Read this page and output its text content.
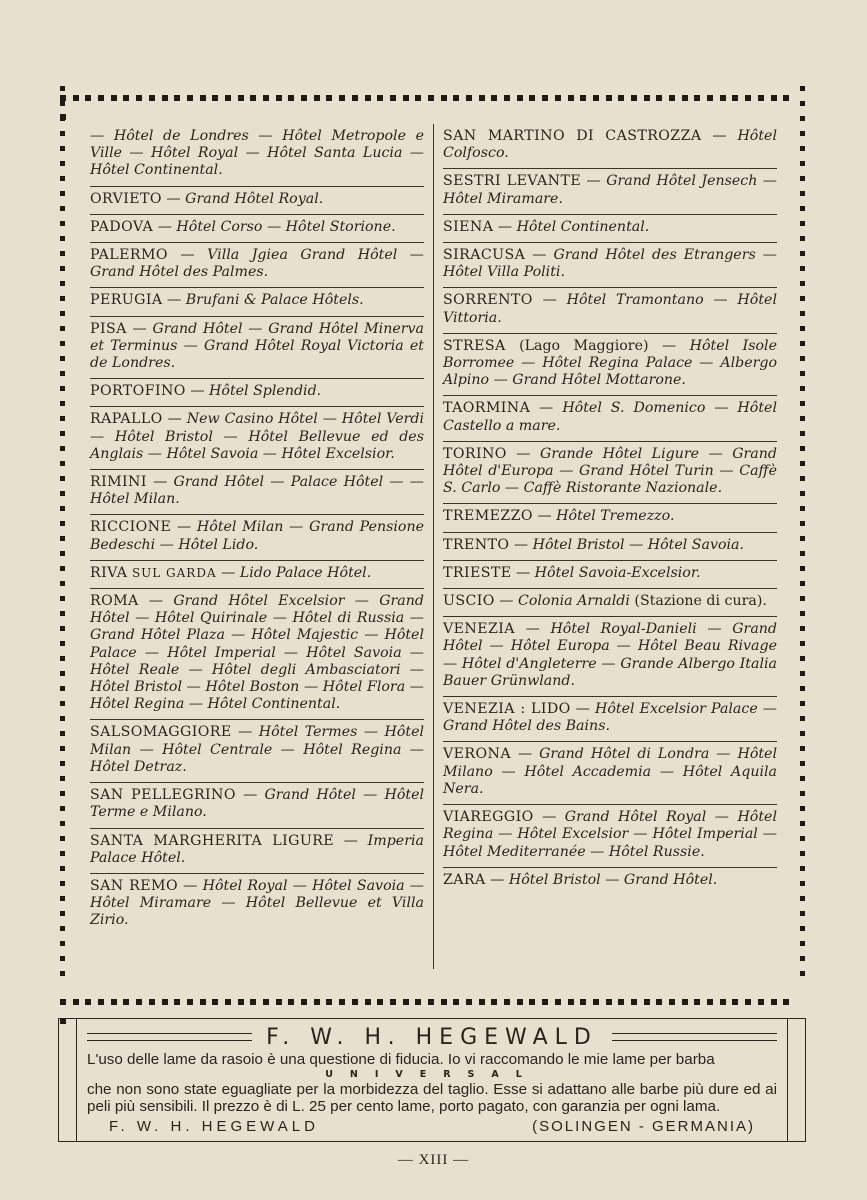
— Hôtel de Londres — Hôtel Metropole e Ville — Hôtel Royal — Hôtel Santa Lucia — Hôtel Continental.
ORVIETO — Grand Hôtel Royal.
PADOVA — Hôtel Corso — Hôtel Storione.
PALERMO — Villa Jgiea Grand Hôtel — Grand Hôtel des Palmes.
PERUGIA — Brufani & Palace Hôtels.
PISA — Grand Hôtel — Grand Hôtel Minerva et Terminus — Grand Hôtel Royal Victoria et de Londres.
PORTOFINO — Hôtel Splendid.
RAPALLO — New Casino Hôtel — Hôtel Verdi — Hôtel Bristol — Hôtel Bellevue ed des Anglais — Hôtel Savoia — Hôtel Excelsior.
RIMINI — Grand Hôtel — Palace Hôtel — — Hôtel Milan.
RICCIONE — Hôtel Milan — Grand Pensione Bedeschi — Hôtel Lido.
RIVA SUL GARDA — Lido Palace Hôtel.
ROMA — Grand Hôtel Excelsior — Grand Hôtel — Hôtel Quirinale — Hôtel di Russia — Grand Hôtel Plaza — Hôtel Majestic — Hôtel Palace — Hôtel Imperial — Hôtel Savoia — Hôtel Reale — Hôtel degli Ambasciatori — Hôtel Bristol — Hôtel Boston — Hôtel Flora — Hôtel Regina — Hôtel Continental.
SALSOMAGGIORE — Hôtel Termes — Hôtel Milan — Hôtel Centrale — Hôtel Regina — Hôtel Detraz.
SAN PELLEGRINO — Grand Hôtel — Hôtel Terme e Milano.
SANTA MARGHERITA LIGURE — Imperia Palace Hôtel.
SAN REMO — Hôtel Royal — Hôtel Savoia — Hôtel Miramare — Hôtel Bellevue et Villa Zirio.
SAN MARTINO DI CASTROZZA — Hôtel Colfosco.
SESTRI LEVANTE — Grand Hôtel Jensech — Hôtel Miramare.
SIENA — Hôtel Continental.
SIRACUSA — Grand Hôtel des Etrangers — Hôtel Villa Politi.
SORRENTO — Hôtel Tramontano — Hôtel Vittoria.
STRESA (Lago Maggiore) — Hôtel Isole Borromee — Hôtel Regina Palace — Albergo Alpino — Grand Hôtel Mottarone.
TAORMINA — Hôtel S. Domenico — Hôtel Castello a mare.
TORINO — Grande Hôtel Ligure — Grand Hôtel d'Europa — Grand Hôtel Turin — Caffè S. Carlo — Caffè Ristorante Nazionale.
TREMEZZO — Hôtel Tremezzo.
TRENTO — Hôtel Bristol — Hôtel Savoia.
TRIESTE — Hôtel Savoia-Excelsior.
USCIO — Colonia Arnaldi (Stazione di cura).
VENEZIA — Hôtel Royal-Danieli — Grand Hôtel — Hôtel Europa — Hôtel Beau Rivage — Hôtel d'Angleterre — Grande Albergo Italia Bauer Grünwland.
VENEZIA : LIDO — Hôtel Excelsior Palace — Grand Hôtel des Bains.
VERONA — Grand Hôtel di Londra — Hôtel Milano — Hôtel Accademia — Hôtel Aquila Nera.
VIAREGGIO — Grand Hôtel Royal — Hôtel Regina — Hôtel Excelsior — Hôtel Imperial — Hôtel Mediterranée — Hôtel Russie.
ZARA — Hôtel Bristol — Grand Hôtel.
F. W. H. HEGEWALD
L'uso delle lame da rasoio è una questione di fiducia. Io vi raccomando le mie lame per barba
UNIVERSAL
che non sono state eguagliate per la morbidezza del taglio. Esse si adattano alle barbe più dure ed ai peli più sensibili. Il prezzo è di L. 25 per cento lame, porto pagato, con garanzia per ogni lama.
F. W. H. HEGEWALD	(SOLINGEN - GERMANIA)
— XIII —
